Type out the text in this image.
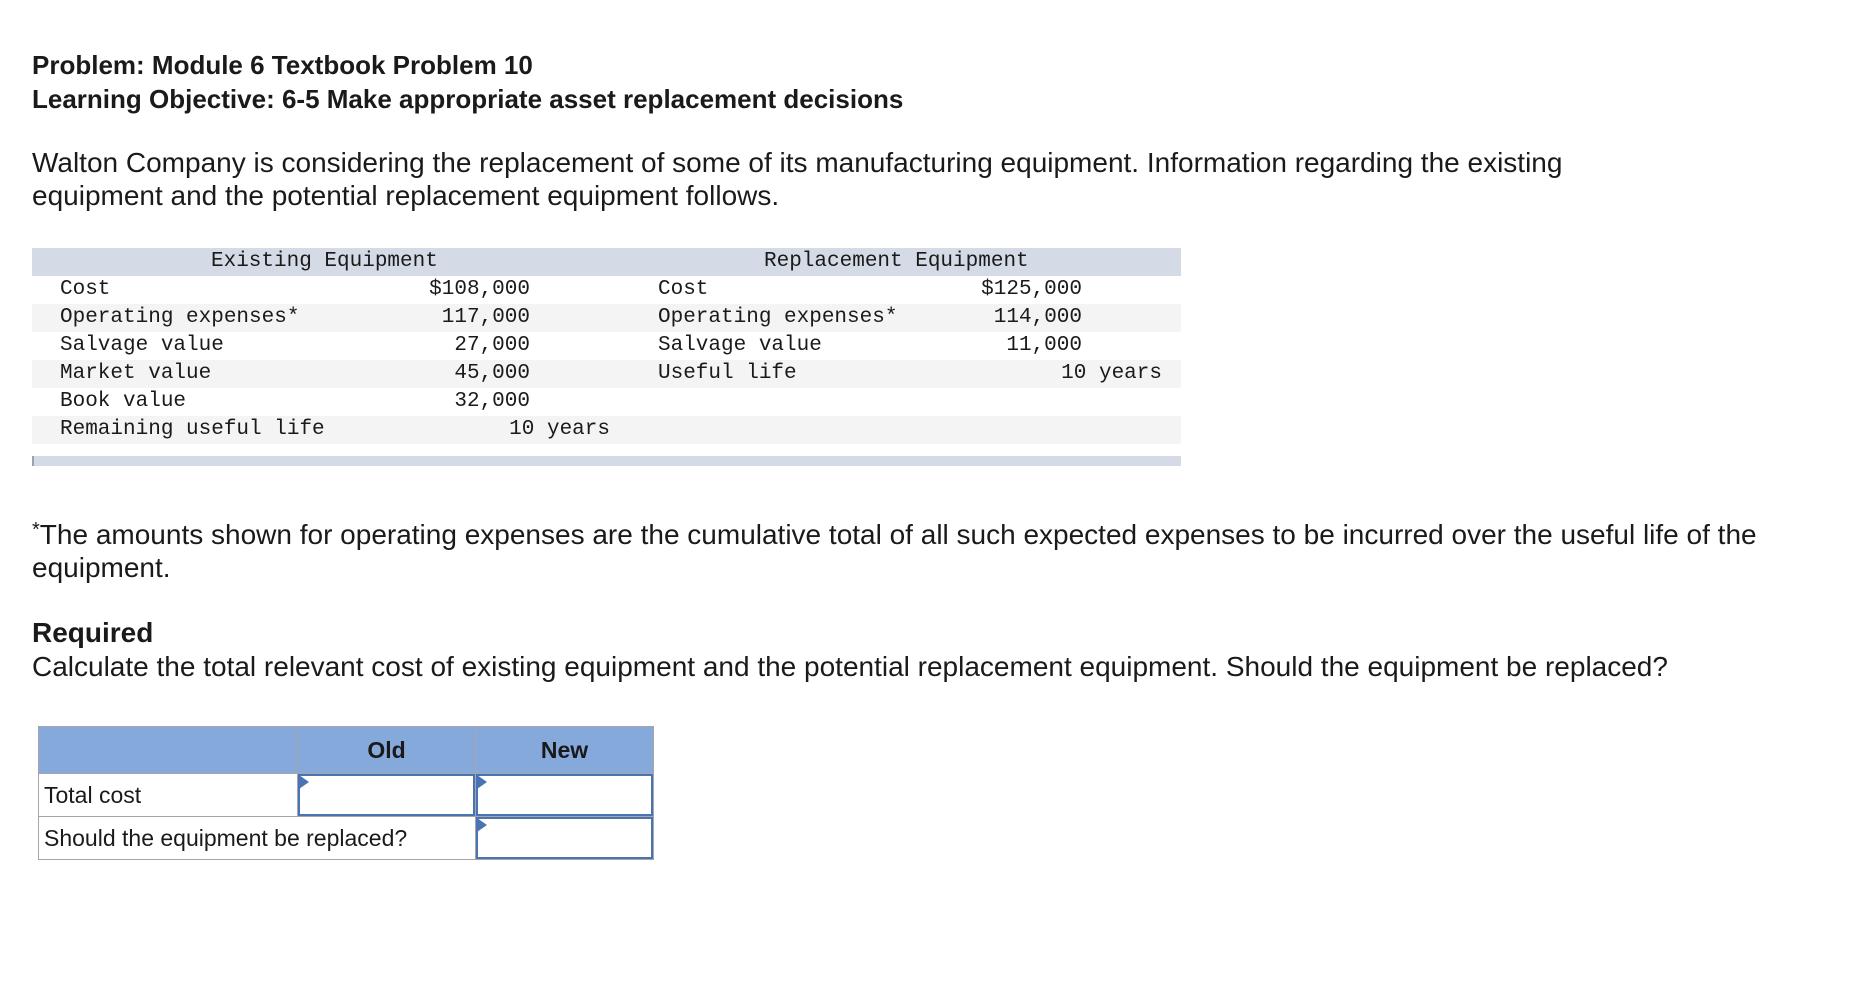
Problem: Module 6 Textbook Problem 10
Learning Objective: 6-5 Make appropriate asset replacement decisions
Walton Company is considering the replacement of some of its manufacturing equipment. Information regarding the existing equipment and the potential replacement equipment follows.
Existing Equipment	Replacement Equipment
Cost	$108,000	Cost	$125,000
Operating expenses*	117,000	Operating expenses*	114,000
Salvage value	27,000	Salvage value	11,000
Market value	45,000	Useful life	10 years
Book value	32,000
Remaining useful life	10 years
*The amounts shown for operating expenses are the cumulative total of all such expected expenses to be incurred over the useful life of the equipment.
Required
Calculate the total relevant cost of existing equipment and the potential replacement equipment. Should the equipment be replaced?
	Old	New
Total cost	

Should the equipment be replaced?	
